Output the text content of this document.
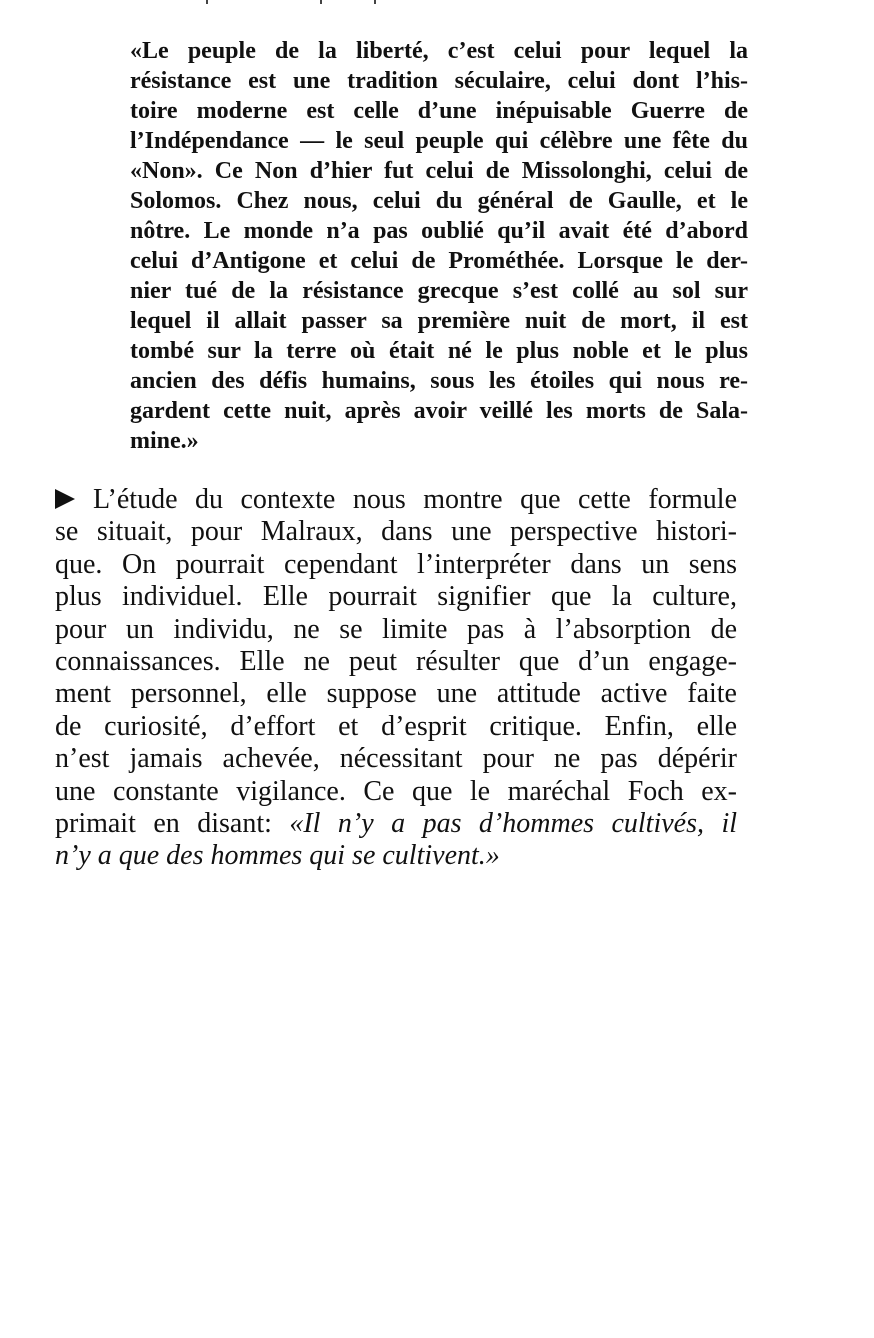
«Le peuple de la liberté, c’est celui pour lequel la
résistance est une tradition séculaire, celui dont l’his-
toire moderne est celle d’une inépuisable Guerre de
l’Indépendance — le seul peuple qui célèbre une fête du
«Non». Ce Non d’hier fut celui de Missolonghi, celui de
Solomos. Chez nous, celui du général de Gaulle, et le
nôtre. Le monde n’a pas oublié qu’il avait été d’abord
celui d’Antigone et celui de Prométhée. Lorsque le der-
nier tué de la résistance grecque s’est collé au sol sur
lequel il allait passer sa première nuit de mort, il est
tombé sur la terre où était né le plus noble et le plus
ancien des défis humains, sous les étoiles qui nous re-
gardent cette nuit, après avoir veillé les morts de Sala-
mine.»
L’étude du contexte nous montre que cette formule
se situait, pour Malraux, dans une perspective histori-
que. On pourrait cependant l’interpréter dans un sens
plus individuel. Elle pourrait signifier que la culture,
pour un individu, ne se limite pas à l’absorption de
connaissances. Elle ne peut résulter que d’un engage-
ment personnel, elle suppose une attitude active faite
de curiosité, d’effort et d’esprit critique. Enfin, elle
n’est jamais achevée, nécessitant pour ne pas dépérir
une constante vigilance. Ce que le maréchal Foch ex-
primait en disant: «Il n’y a pas d’hommes cultivés, il
n’y a que des hommes qui se cultivent.»
